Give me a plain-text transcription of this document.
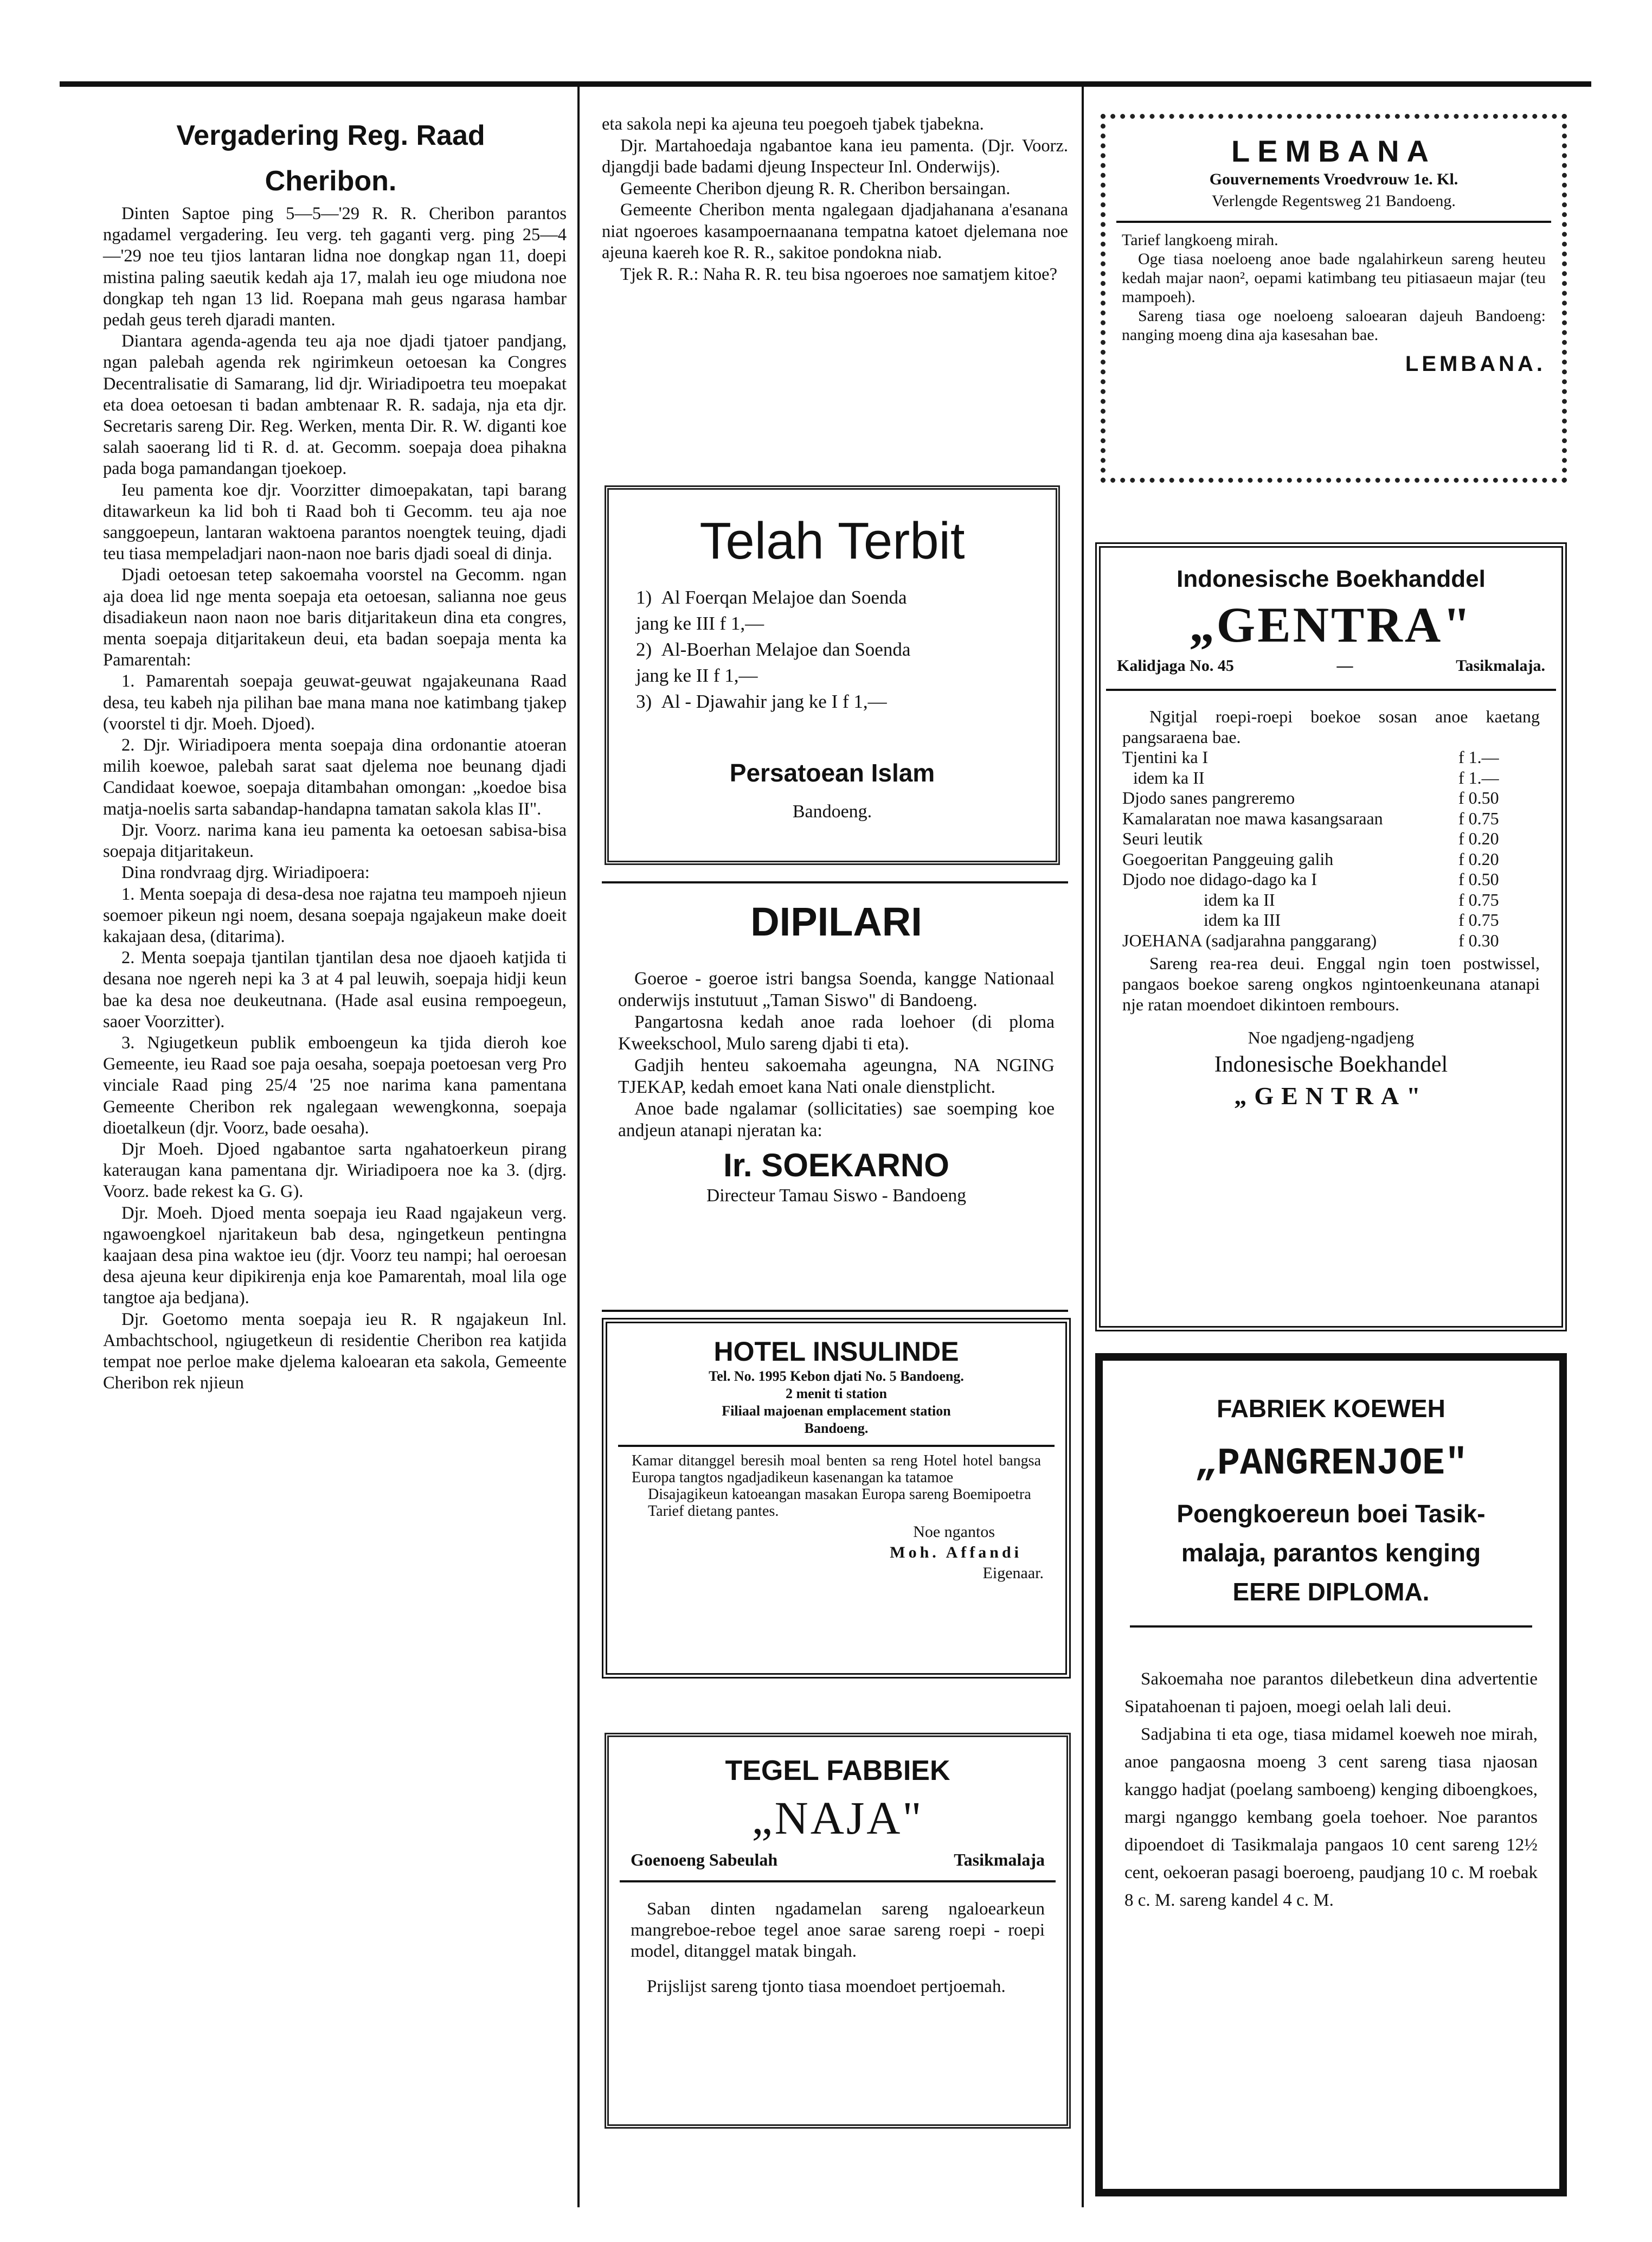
Vergadering Reg. Raad
Cheribon.

Dinten Saptoe ping 5—5—'29 R. R. Cheribon parantos ngadamel vergadering. Ieu verg. teh gaganti verg. ping 25—4 —'29 noe teu tjios lantaran lidna noe dongkap ngan 11, doepi mistina paling saeutik kedah aja 17, malah ieu oge miudona noe dongkap teh ngan 13 lid. Roepana mah geus ngarasa hambar pedah geus tereh djaradi manten.

Diantara agenda-agenda teu aja noe djadi tjatoer pandjang, ngan palebah agenda rek ngirimkeun oetoesan ka Congres Decentralisatie di Samarang, lid djr. Wiriadipoetra teu moepakat eta doea oetoesan ti badan ambtenaar R. R. sadaja, nja eta djr. Secretaris sareng Dir. Reg. Werken, menta Dir. R. W. diganti koe salah saoerang lid ti R. d. at. Gecomm. soepaja doea pihakna pada boga pamandangan tjoekoep.

Ieu pamenta koe djr. Voorzitter dimoepakatan, tapi barang ditawarkeun ka lid boh ti Raad boh ti Gecomm. teu aja noe sanggoepeun, lantaran waktoena parantos noengtek teuing, djadi teu tiasa mempeladjari naon-naon noe baris djadi soeal di dinja.

Djadi oetoesan tetep sakoemaha voorstel na Gecomm. ngan aja doea lid nge menta soepaja eta oetoesan, salianna noe geus disadiakeun naon naon noe baris ditjaritakeun dina eta congres, menta soepaja ditjaritakeun deui, eta badan soepaja menta ka Pamarentah:

1. Pamarentah soepaja geuwat-geuwat ngajakeunana Raad desa, teu kabeh nja pilihan bae mana mana noe katimbang tjakep (voorstel ti djr. Moeh. Djoed).

2. Djr. Wiriadipoera menta soepaja dina ordonantie atoeran milih koewoe, palebah sarat saat djelema noe beunang djadi Candidaat koewoe, soepaja ditambahan omongan: „koedoe bisa matja-noelis sarta sabandap-handapna tamatan sakola klas II".

Djr. Voorz. narima kana ieu pamenta ka oetoesan sabisa-bisa soepaja ditjaritakeun.

Dina rondvraag djrg. Wiriadipoera:

1. Menta soepaja di desa-desa noe rajatna teu mampoeh njieun soemoer pikeun ngi noem, desana soepaja ngajakeun make doeit kakajaan desa, (ditarima).

2. Menta soepaja tjantilan tjantilan desa noe djaoeh katjida ti desana noe ngereh nepi ka 3 at 4 pal leuwih, soepaja hidji keun bae ka desa noe deukeutnana. (Hade asal eusina rempoegeun, saoer Voorzitter).

3. Ngiugetkeun publik emboengeun ka tjida dieroh koe Gemeente, ieu Raad soe paja oesaha, soepaja poetoesan verg Pro vinciale Raad ping 25/4 '25 noe narima kana pamentana Gemeente Cheribon rek ngalegaan wewengkonna, soepaja dioetalkeun (djr. Voorz, bade oesaha).

Djr Moeh. Djoed ngabantoe sarta ngahatoerkeun pirang kateraugan kana pamentana djr. Wiriadipoera noe ka 3. (djrg. Voorz. bade rekest ka G. G).

Djr. Moeh. Djoed menta soepaja ieu Raad ngajakeun verg. ngawoengkoel njaritakeun bab desa, ngingetkeun pentingna kaajaan desa pina waktoe ieu (djr. Voorz teu nampi; hal oeroesan desa ajeuna keur dipikirenja enja koe Pamarentah, moal lila oge tangtoe aja bedjana).

Djr. Goetomo menta soepaja ieu R. R ngajakeun Inl. Ambachtschool, ngiugetkeun di residentie Cheribon rea katjida tempat noe perloe make djelema kaloearan eta sakola, Gemeente Cheribon rek njieun

eta sakola nepi ka ajeuna teu poegoeh tjabek tjabekna.

Djr. Martahoedaja ngabantoe kana ieu pamenta. (Djr. Voorz. djangdji bade badami djeung Inspecteur Inl. Onderwijs).

Gemeente Cheribon djeung R. R. Cheribon bersaingan.

Gemeente Cheribon menta ngalegaan djadjahanana a'esanana niat ngoeroes kasampoernaanana tempatna katoet djelemana noe ajeuna kaereh koe R. R., sakitoe pondokna niab.

Tjek R. R.: Naha R. R. teu bisa ngoeroes noe samatjem kitoe?

Telah Terbit
1) Al Foerqan Melajoe dan Soenda
jang ke III f 1,—
2) Al-Boerhan Melajoe dan Soenda
jang ke II f 1,—
3) Al - Djawahir jang ke I f 1,—
Persatoean Islam
Bandoeng.
DIPILARI

Goeroe - goeroe istri bangsa Soenda, kangge Nationaal onderwijs instutuut „Taman Siswo" di Bandoeng.

Pangartosna kedah anoe rada loehoer (di ploma Kweekschool, Mulo sareng djabi ti eta).

Gadjih henteu sakoemaha ageungna, NA NGING TJEKAP, kedah emoet kana Nati onale dienstplicht.

Anoe bade ngalamar (sollicitaties) sae soemping koe andjeun atanapi njeratan ka:

Ir. SOEKARNO
Directeur Tamau Siswo - Bandoeng
HOTEL INSULINDE
Tel. No. 1995 Kebon djati No. 5 Bandoeng.
2 menit ti station
Filiaal majoenan emplacement station
Bandoeng.
Kamar ditanggel beresih moal benten sa reng Hotel hotel bangsa Europa tangtos ngadjadikeun kasenangan ka tatamoe
Disajagikeun katoeangan masakan Europa sareng Boemipoetra
Tarief dietang pantes.
Noe ngantos
Moh. Affandi
Eigenaar.
TEGEL FABBIEK
„NAJA"
Goenoeng Sabeulah	Tasikmalaja

Saban dinten ngadamelan sareng ngaloearkeun mangreboe-reboe tegel anoe sarae sareng roepi - roepi model, ditanggel matak bingah.

Prijslijst sareng tjonto tiasa moendoet pertjoemah.

LEMBANA
Gouvernements Vroedvrouw 1e. Kl.
Verlengde Regentsweg 21 Bandoeng.

Tarief langkoeng mirah.

Oge tiasa noeloeng anoe bade ngalahirkeun sareng heuteu kedah majar naon², oepami katimbang teu pitiasaeun majar (teu mampoeh).

Sareng tiasa oge noeloeng saloearan dajeuh Bandoeng: nanging moeng dina aja kasesahan bae.

LEMBANA.
Indonesische Boekhanddel
„GENTRA"
Kalidjaga No. 45	—	Tasikmalaja.
Ngitjal roepi-roepi boekoe sosan anoe kaetang pangsaraena bae.
Tjentini ka I	f 1.—
idem ka II	f 1.—
Djodo sanes pangreremo	f 0.50
Kamalaratan noe mawa kasangsaraan	f 0.75
Seuri leutik	f 0.20
Goegoeritan Panggeuing galih	f 0.20
Djodo noe didago-dago ka I	f 0.50
idem ka II	f 0.75
idem ka III	f 0.75
JOEHANA (sadjarahna panggarang)	f 0.30
Sareng rea-rea deui. Enggal ngin toen postwissel, pangaos boekoe sareng ongkos ngintoenkeunana atanapi nje ratan moendoet dikintoen rembours.
Noe ngadjeng-ngadjeng
Indonesische Boekhandel
„GENTRA"
FABRIEK KOEWEH
„PANGRENJOE"
Poengkoereun boei Tasik-
malaja, parantos kenging
EERE DIPLOMA.

Sakoemaha noe parantos dilebetkeun dina advertentie Sipatahoenan ti pajoen, moegi oelah lali deui.

Sadjabina ti eta oge, tiasa midamel koeweh noe mirah, anoe pangaosna moeng 3 cent sareng tiasa njaosan kanggo hadjat (poelang samboeng) kenging diboengkoes, margi nganggo kembang goela toehoer. Noe parantos dipoendoet di Tasikmalaja pangaos 10 cent sareng 12½ cent, oekoeran pasagi boeroeng, paudjang 10 c. M roebak 8 c. M. sareng kandel 4 c. M.
